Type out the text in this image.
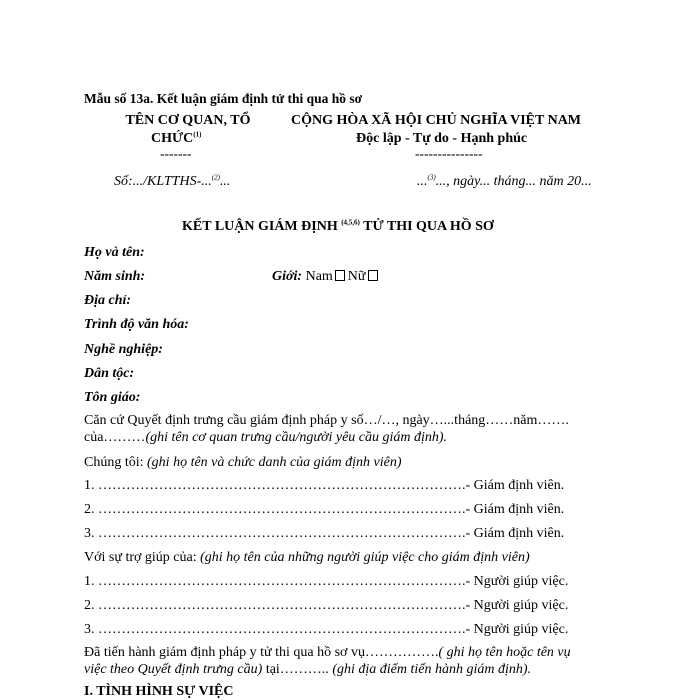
Mẫu số 13a. Kết luận giám định tử thi qua hồ sơ
TÊN CƠ QUAN, TỔ
CHỨC$^{(1)}$
-------
Số:.../KLTTHS-...$^{(2)}$...
CỘNG HÒA XÃ HỘI CHỦ NGHĨA VIỆT NAM
Độc lập - Tự do - Hạnh phúc
---------------
...$^{(3)}$..., ngày... tháng... năm 20...
KẾT LUẬN GIÁM ĐỊNH $^{(4,5,6)}$ TỬ THI QUA HỒ SƠ
Họ và tên:
Năm sinh:	Giới: Nam Nữ
Địa chỉ:
Trình độ văn hóa:
Nghề nghiệp:
Dân tộc:
Tôn giáo:
Căn cứ Quyết định trưng cầu giám định pháp y số…/…, ngày…...tháng……năm…….
của………(ghi tên cơ quan trưng cầu/người yêu cầu giám định).
Chúng tôi: (ghi họ tên và chức danh của giám định viên)
1. …………………………………………………………………….- Giám định viên.
2. …………………………………………………………………….- Giám định viên.
3. …………………………………………………………………….- Giám định viên.
Với sự trợ giúp của: (ghi họ tên của những người giúp việc cho giám định viên)
1. …………………………………………………………………….- Người giúp việc.
2. …………………………………………………………………….- Người giúp việc.
3. …………………………………………………………………….- Người giúp việc.
Đã tiến hành giám định pháp y tử thi qua hồ sơ vụ…………….( ghi họ tên hoặc tên vụ
việc theo Quyết định trưng cầu) tại……….. (ghi địa điểm tiến hành giám định).
I. TÌNH HÌNH SỰ VIỆC
